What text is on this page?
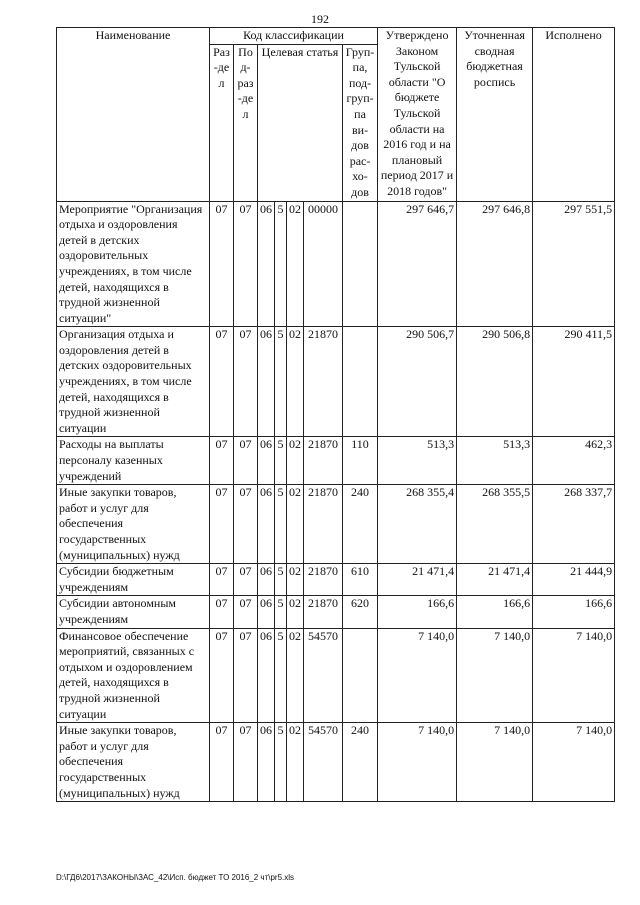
192
Наименование	Код классификации							Утверждено Законом Тульской области "О бюджете Тульской области на 2016 год и на плановый период 2017 и 2018 годов"	Уточненная сводная бюджетная роспись	Исполнено
	Раз-дел	Под-раз-дел	Целевая статья				Груп-па, под-груп-па ви-дов рас-хо-дов			
Мероприятие "Организация отдыха и оздоровления детей в детских оздоровительных учреждениях, в том числе детей, находящихся в трудной жизненной ситуации"	07	07	06	5	02	00000		297 646,7	297 646,8	297 551,5
Организация отдыха и оздоровления детей в детских оздоровительных учреждениях, в том числе детей, находящихся в трудной жизненной ситуации	07	07	06	5	02	21870		290 506,7	290 506,8	290 411,5
Расходы на выплаты персоналу казенных учреждений	07	07	06	5	02	21870	110	513,3	513,3	462,3
Иные закупки товаров, работ и услуг для обеспечения государственных (муниципальных) нужд	07	07	06	5	02	21870	240	268 355,4	268 355,5	268 337,7
Субсидии бюджетным учреждениям	07	07	06	5	02	21870	610	21 471,4	21 471,4	21 444,9
Субсидии автономным учреждениям	07	07	06	5	02	21870	620	166,6	166,6	166,6
Финансовое обеспечение мероприятий, связанных с отдыхом и оздоровлением детей, находящихся в трудной жизненной ситуации	07	07	06	5	02	54570		7 140,0	7 140,0	7 140,0
Иные закупки товаров, работ и услуг для обеспечения государственных (муниципальных) нужд	07	07	06	5	02	54570	240	7 140,0	7 140,0	7 140,0
D:\ГД6\2017\ЗАКОНЫ\ЗАС_42\Исп. бюджет ТО 2016_2 чт\pr5.xls
